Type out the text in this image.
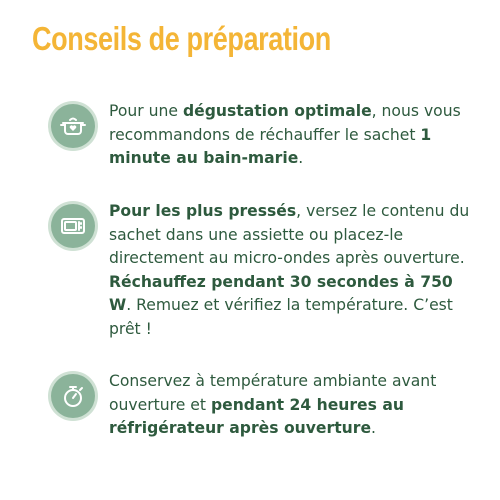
Conseils de préparation
Pour une dégustation optimale, nous vous recommandons de réchauffer le sachet 1 minute au bain-marie.
Pour les plus pressés, versez le contenu du sachet dans une assiette ou placez-le directement au micro-ondes après ouverture. Réchauffez pendant 30 secondes à 750 W. Remuez et vérifiez la température. C’est prêt !
Conservez à température ambiante avant ouverture et pendant 24 heures au réfrigérateur après ouverture.
